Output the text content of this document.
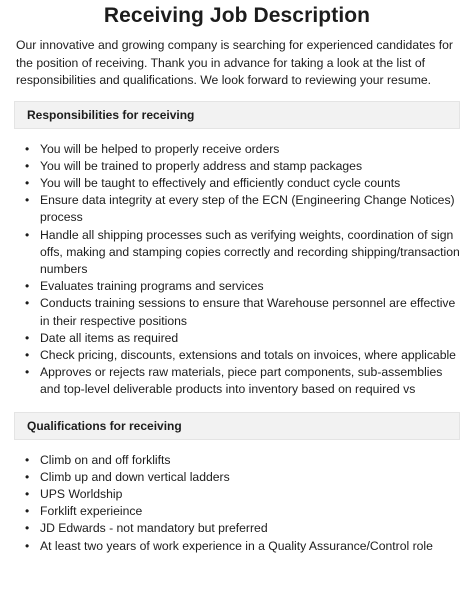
Receiving Job Description

Our innovative and growing company is searching for experienced candidates for the position of receiving. Thank you in advance for taking a look at the list of responsibilities and qualifications. We look forward to reviewing your resume.

Responsibilities for receiving
• You will be helped to properly receive orders
• You will be trained to properly address and stamp packages
• You will be taught to effectively and efficiently conduct cycle counts
• Ensure data integrity at every step of the ECN (Engineering Change Notices) process
• Handle all shipping processes such as verifying weights, coordination of sign offs, making and stamping copies correctly and recording shipping/transaction numbers
• Evaluates training programs and services
• Conducts training sessions to ensure that Warehouse personnel are effective in their respective positions
• Date all items as required
• Check pricing, discounts, extensions and totals on invoices, where applicable
• Approves or rejects raw materials, piece part components, sub-assemblies and top-level deliverable products into inventory based on required vs
Qualifications for receiving
• Climb on and off forklifts
• Climb up and down vertical ladders
• UPS Worldship
• Forklift experieince
• JD Edwards - not mandatory but preferred
• At least two years of work experience in a Quality Assurance/Control role
